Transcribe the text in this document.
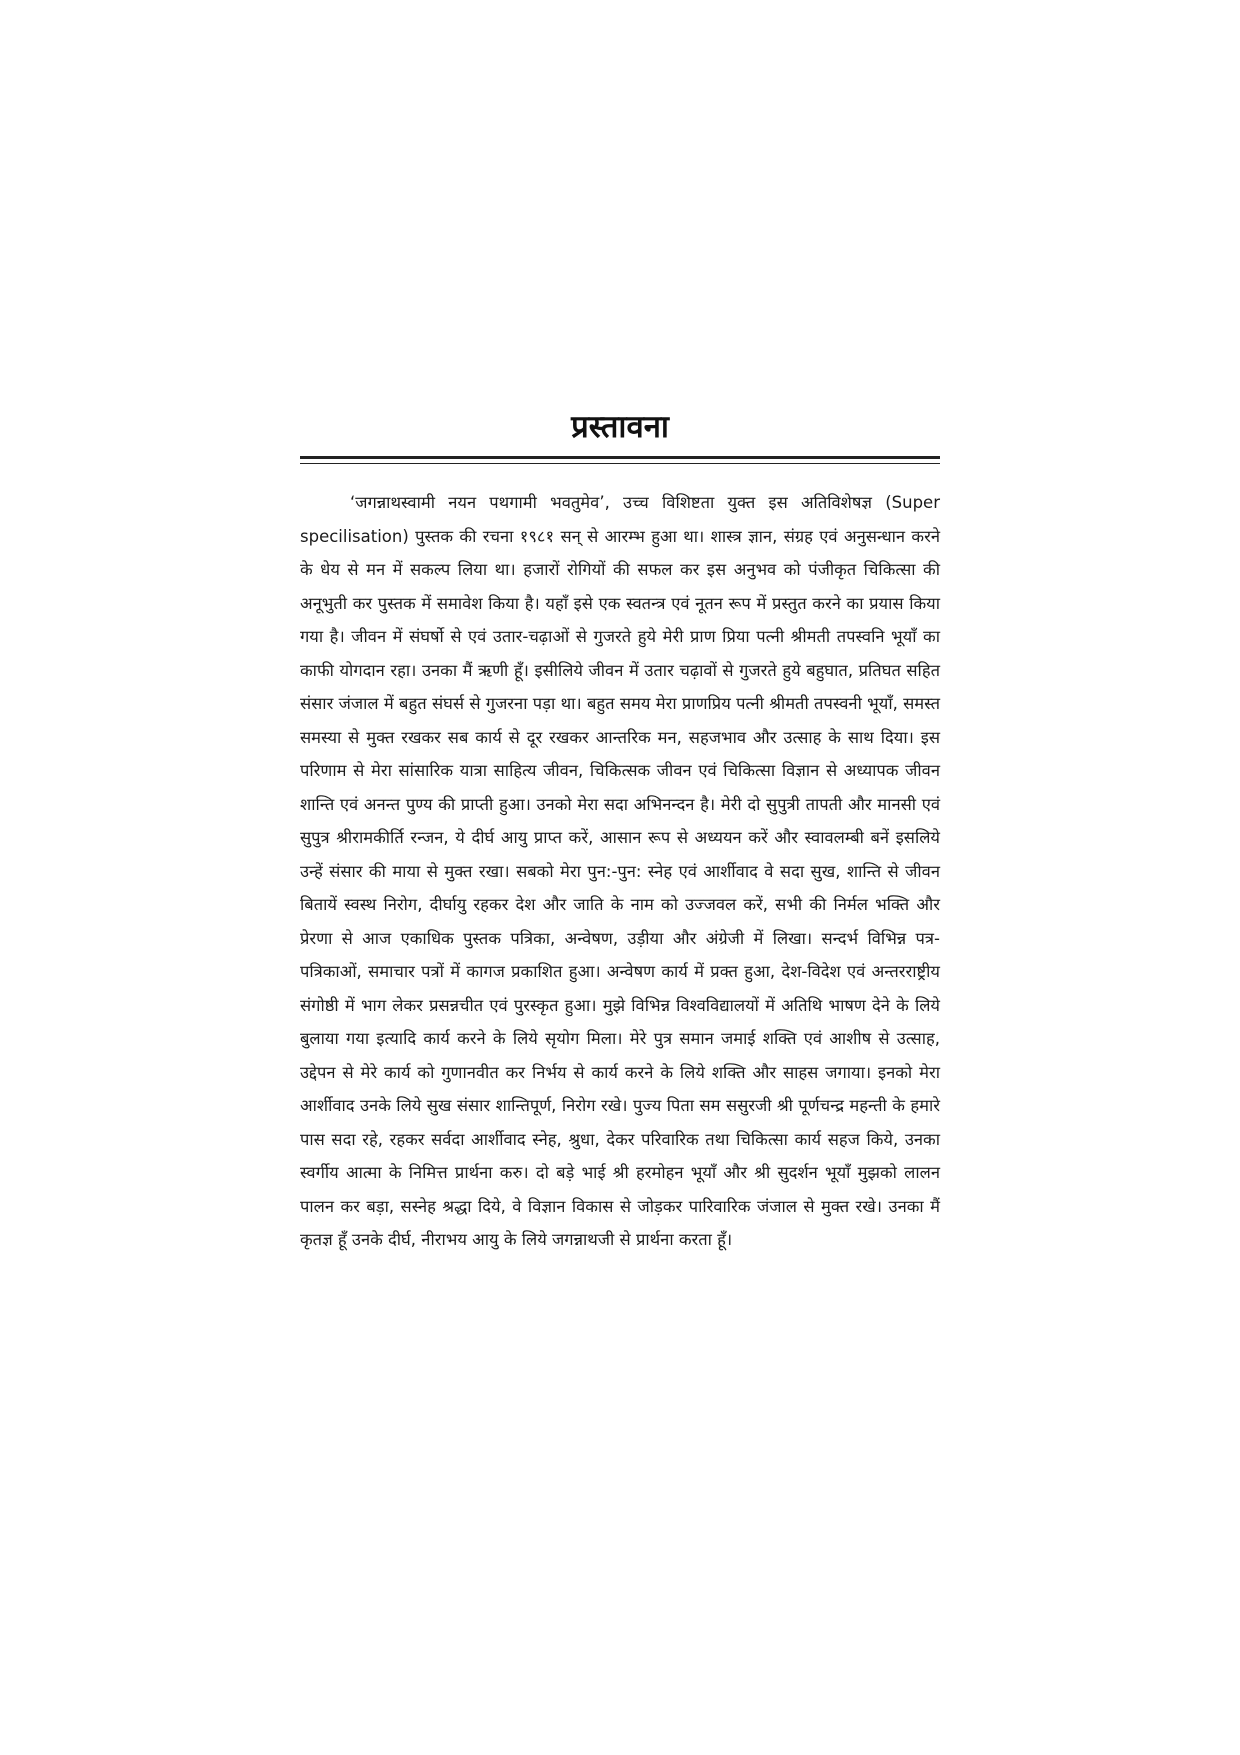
प्रस्तावना

‘जगन्नाथस्वामी नयन पथगामी भवतुमेव’, उच्च विशिष्टता युक्त इस अतिविशेषज्ञ (Super specilisation) पुस्तक की रचना १९८१ सन् से आरम्भ हुआ था। शास्त्र ज्ञान, संग्रह एवं अनुसन्धान करने के धेय से मन में सकल्प लिया था। हजारों रोगियों की सफल कर इस अनुभव को पंजीकृत चिकित्सा की अनूभुती कर पुस्तक में समावेश किया है। यहाँ इसे एक स्वतन्त्र एवं नूतन रूप में प्रस्तुत करने का प्रयास किया गया है। जीवन में संघर्षो से एवं उतार-चढ़ाओं से गुजरते हुये मेरी प्राण प्रिया पत्नी श्रीमती तपस्वनि भूयाँ का काफी योगदान रहा। उनका मैं ऋणी हूँ। इसीलिये जीवन में उतार चढ़ावों से गुजरते हुये बहुघात, प्रतिघत सहित संसार जंजाल में बहुत संघर्स से गुजरना पड़ा था। बहुत समय मेरा प्राणप्रिय पत्नी श्रीमती तपस्वनी भूयाँ, समस्त समस्या से मुक्त रखकर सब कार्य से दूर रखकर आन्तरिक मन, सहजभाव और उत्साह के साथ दिया। इस परिणाम से मेरा सांसारिक यात्रा साहित्य जीवन, चिकित्सक जीवन एवं चिकित्सा विज्ञान से अध्यापक जीवन शान्ति एवं अनन्त पुण्य की प्राप्ती हुआ। उनको मेरा सदा अभिनन्दन है। मेरी दो सुपुत्री तापती और मानसी एवं सुपुत्र श्रीरामकीर्ति रन्जन, ये दीर्घ आयु प्राप्त करें, आसान रूप से अध्ययन करें और स्वावलम्बी बनें इसलिये उन्हें संसार की माया से मुक्त रखा। सबको मेरा पुन:-पुन: स्नेह एवं आर्शीवाद वे सदा सुख, शान्ति से जीवन बितायें स्वस्थ निरोग, दीर्घायु रहकर देश और जाति के नाम को उज्जवल करें, सभी की निर्मल भक्ति और प्रेरणा से आज एकाधिक पुस्तक पत्रिका, अन्वेषण, उड़ीया और अंग्रेजी में लिखा। सन्दर्भ विभिन्न पत्र-पत्रिकाओं, समाचार पत्रों में कागज प्रकाशित हुआ। अन्वेषण कार्य में प्रक्त हुआ, देश-विदेश एवं अन्तरराष्ट्रीय संगोष्ठी में भाग लेकर प्रसन्नचीत एवं पुरस्कृत हुआ। मुझे विभिन्न विश्वविद्यालयों में अतिथि भाषण देने के लिये बुलाया गया इत्यादि कार्य करने के लिये सृयोग मिला। मेरे पुत्र समान जमाई शक्ति एवं आशीष से उत्साह, उद्देपन से मेरे कार्य को गुणानवीत कर निर्भय से कार्य करने के लिये शक्ति और साहस जगाया। इनको मेरा आर्शीवाद उनके लिये सुख संसार शान्तिपूर्ण, निरोग रखे। पुज्य पिता सम ससुरजी श्री पूर्णचन्द्र महन्ती के हमारे पास सदा रहे, रहकर सर्वदा आर्शीवाद स्नेह, श्रुधा, देकर परिवारिक तथा चिकित्सा कार्य सहज किये, उनका स्वर्गीय आत्मा के निमित्त प्रार्थना करु। दो बड़े भाई श्री हरमोहन भूयाँ और श्री सुदर्शन भूयाँ मुझको लालन पालन कर बड़ा, सस्नेह श्रद्धा दिये, वे विज्ञान विकास से जोड़कर पारिवारिक जंजाल से मुक्त रखे। उनका मैं कृतज्ञ हूँ उनके दीर्घ, नीराभय आयु के लिये जगन्नाथजी से प्रार्थना करता हूँ।
